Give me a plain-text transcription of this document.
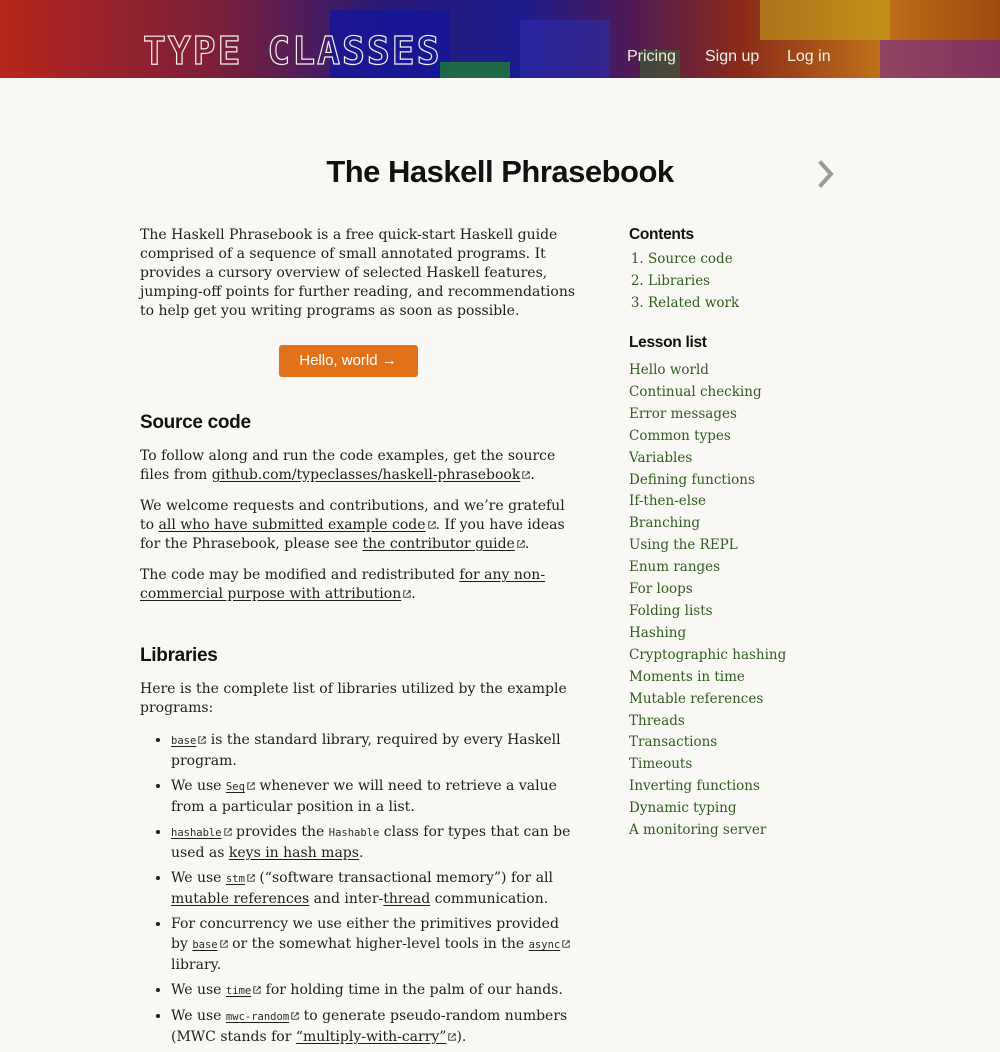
TYPE CLASSES	Pricing Sign up Log in
The Haskell Phrasebook

The Haskell Phrasebook is a free quick-start Haskell guide comprised of a sequence of small annotated programs. It provides a cursory overview of selected Haskell features, jumping-off points for further reading, and recommendations to help get you writing programs as soon as possible.

Hello, world →
Source code

To follow along and run the code examples, get the source files from github.com/typeclasses/haskell-phrasebook .

We welcome requests and contributions, and we’re grateful to all who have submitted example code . If you have ideas for the Phrasebook, please see the contributor guide .

The code may be modified and redistributed for any non-commercial purpose with attribution .

Libraries

Here is the complete list of libraries utilized by the example programs:

• base is the standard library, required by every Haskell program.
• We use Seq whenever we will need to retrieve a value from a particular position in a list.
• hashable provides the Hashable class for types that can be used as keys in hash maps.
• We use stm (“software transactional memory”) for all mutable references and inter-thread communication.
• For concurrency we use either the primitives provided by base or the somewhat higher-level tools in the async library.
• We use time for holding time in the palm of our hands.
• We use mwc-random to generate pseudo-random numbers (MWC stands for “multiply-with-carry” ).
Contents
1. Source code
2. Libraries
3. Related work
Lesson list
Hello world
Continual checking
Error messages
Common types
Variables
Defining functions
If-then-else
Branching
Using the REPL
Enum ranges
For loops
Folding lists
Hashing
Cryptographic hashing
Moments in time
Mutable references
Threads
Transactions
Timeouts
Inverting functions
Dynamic typing
A monitoring server
